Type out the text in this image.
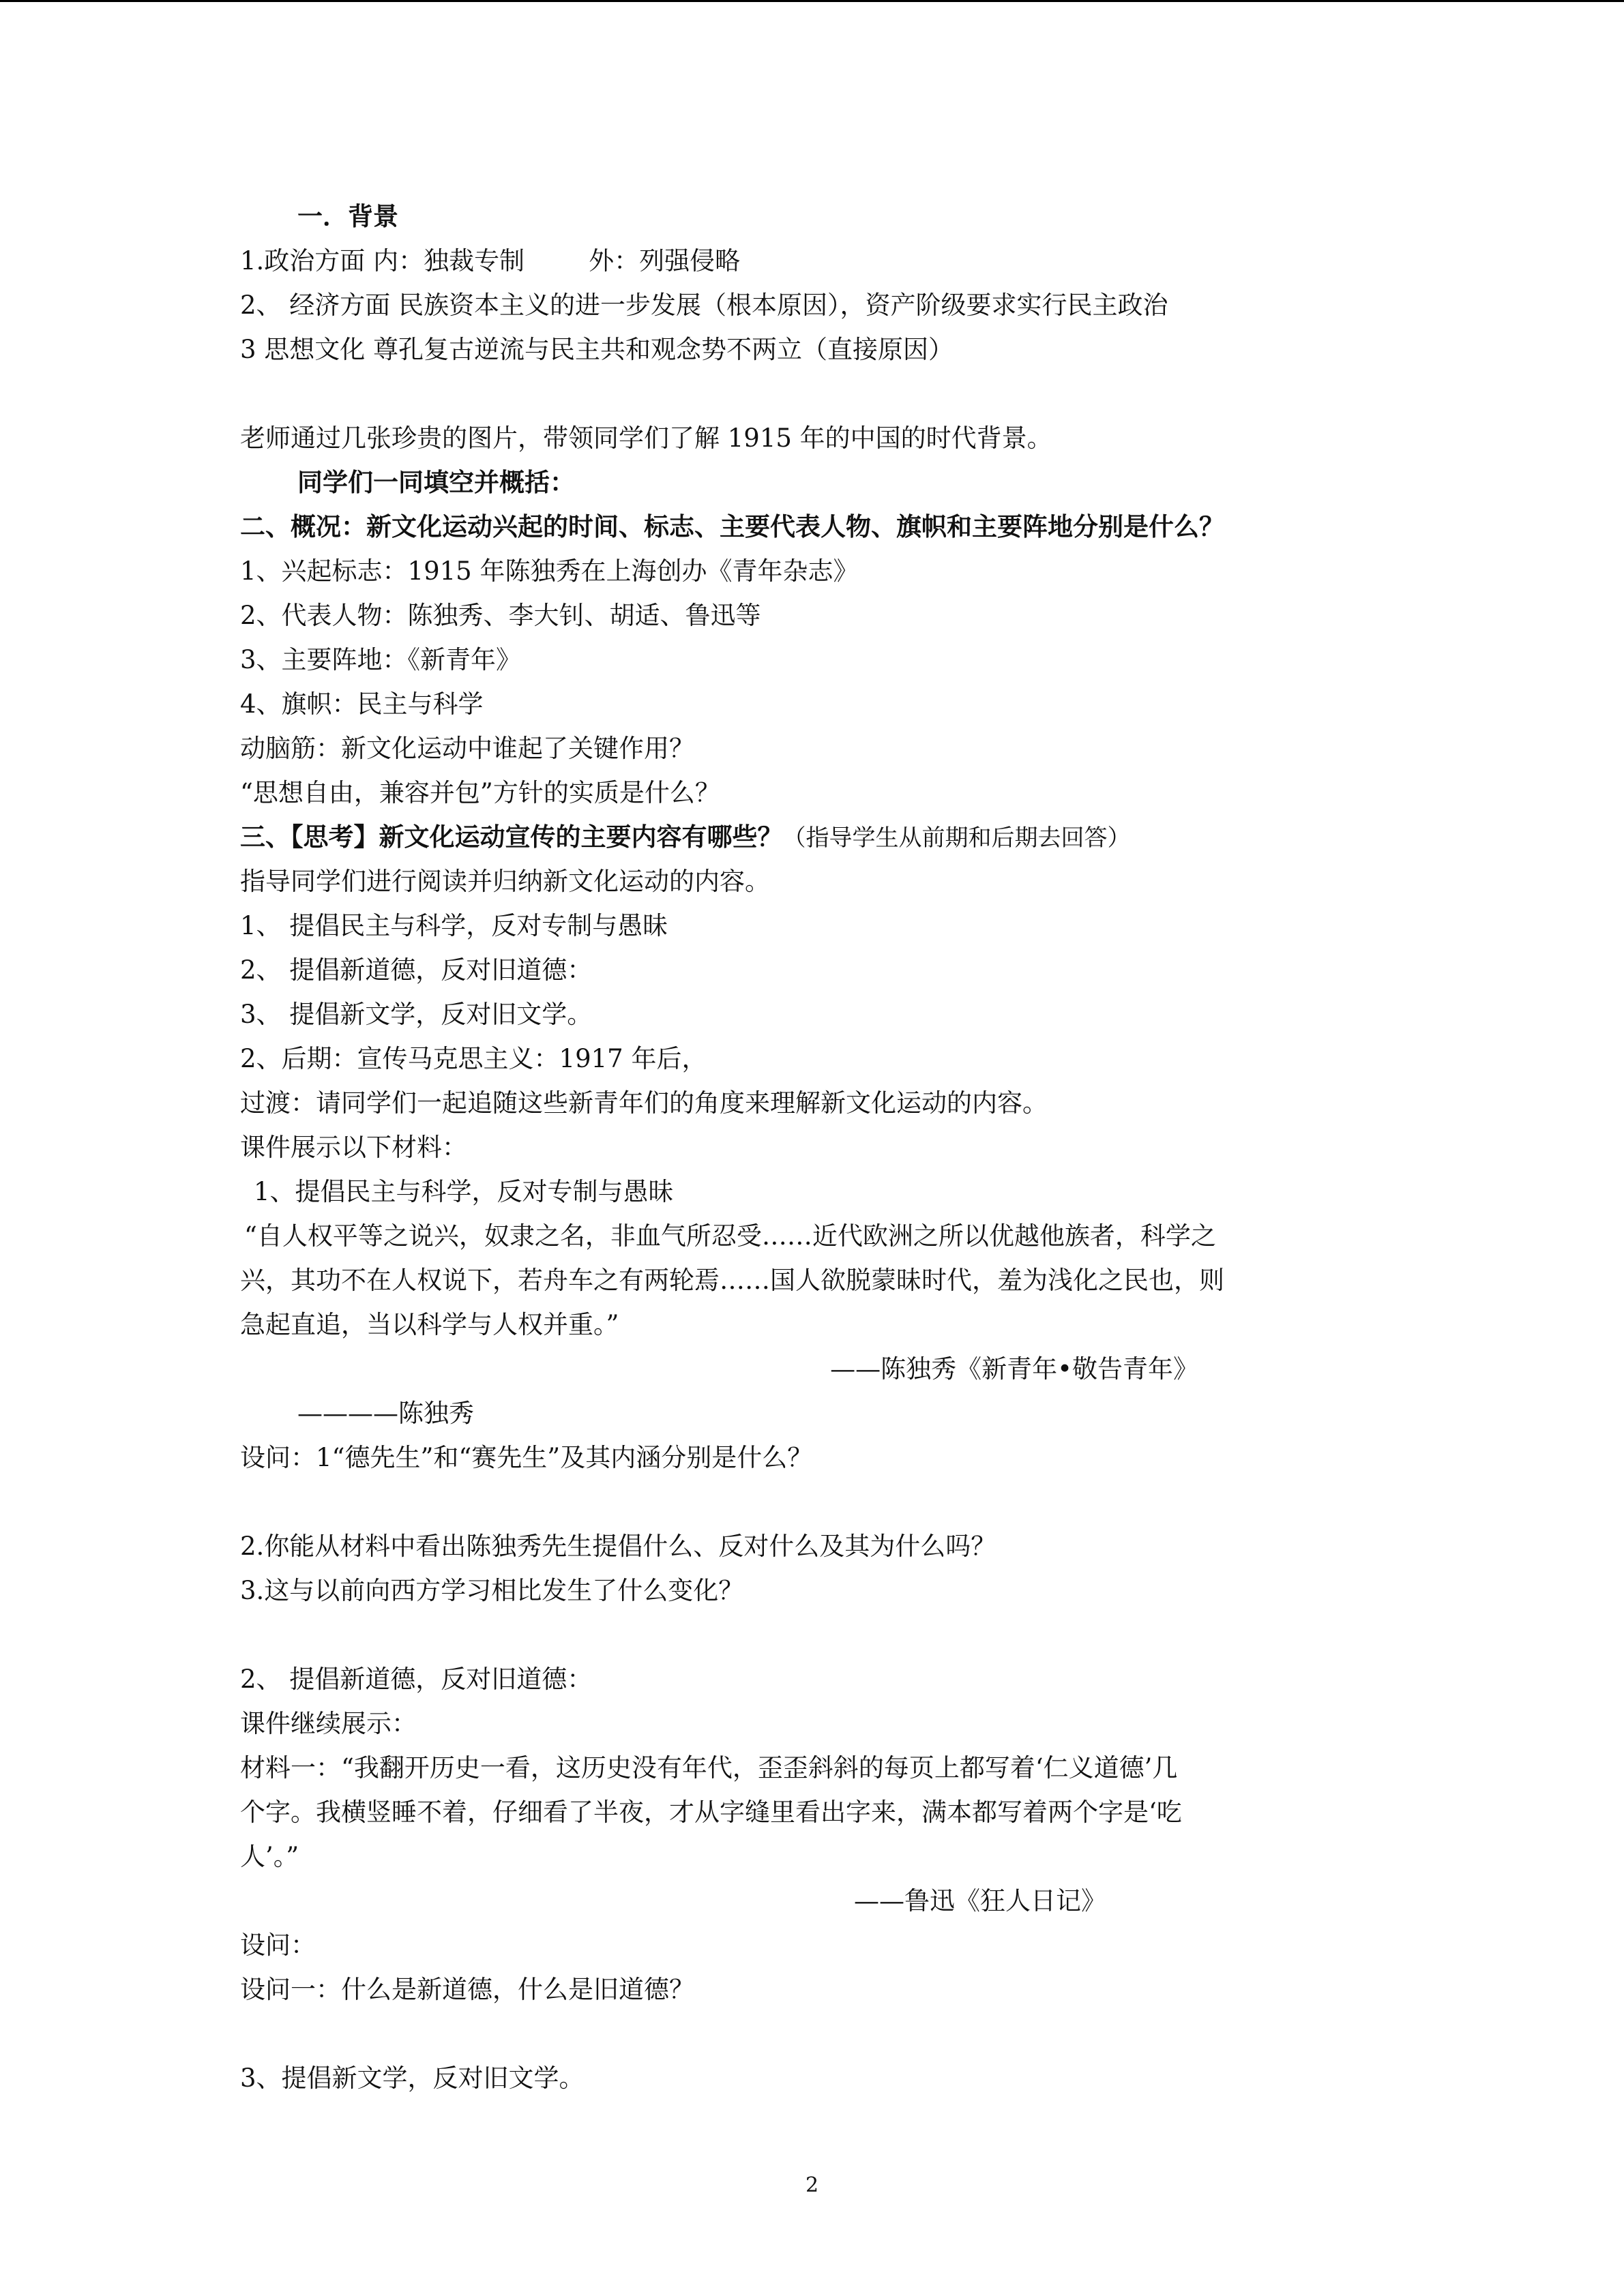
一．背景
1.政治方面 内：独裁专制        外：列强侵略
2、 经济方面 民族资本主义的进一步发展（根本原因），资产阶级要求实行民主政治
3 思想文化 尊孔复古逆流与民主共和观念势不两立（直接原因）
老师通过几张珍贵的图片，带领同学们了解 1915 年的中国的时代背景。
同学们一同填空并概括：
二、概况：新文化运动兴起的时间、标志、主要代表人物、旗帜和主要阵地分别是什么？
1、兴起标志：1915 年陈独秀在上海创办《青年杂志》
2、代表人物：陈独秀、李大钊、胡适、鲁迅等
3、主要阵地：《新青年》
4、旗帜：民主与科学
动脑筋：新文化运动中谁起了关键作用？
“思想自由，兼容并包”方针的实质是什么？
三、【思考】新文化运动宣传的主要内容有哪些？（指导学生从前期和后期去回答）
指导同学们进行阅读并归纳新文化运动的内容。
1、 提倡民主与科学，反对专制与愚昧
2、 提倡新道德，反对旧道德：
3、 提倡新文学，反对旧文学。
2、后期：宣传马克思主义：1917 年后，
过渡：请同学们一起追随这些新青年们的角度来理解新文化运动的内容。
课件展示以下材料：
1、提倡民主与科学，反对专制与愚昧
“自人权平等之说兴，奴隶之名，非血气所忍受……近代欧洲之所以优越他族者，科学之
兴，其功不在人权说下，若舟车之有两轮焉……国人欲脱蒙昧时代，羞为浅化之民也，则
急起直追，当以科学与人权并重。”
——陈独秀《新青年•敬告青年》
————陈独秀
设问：1“德先生”和“赛先生”及其内涵分别是什么？
2.你能从材料中看出陈独秀先生提倡什么、反对什么及其为什么吗？
3.这与以前向西方学习相比发生了什么变化？
2、 提倡新道德，反对旧道德：
课件继续展示：
材料一：“我翻开历史一看，这历史没有年代，歪歪斜斜的每页上都写着‘仁义道德’几
个字。我横竖睡不着，仔细看了半夜，才从字缝里看出字来，满本都写着两个字是‘吃
人’。”
——鲁迅《狂人日记》
设问：
设问一：什么是新道德，什么是旧道德？
3、提倡新文学，反对旧文学。
2
